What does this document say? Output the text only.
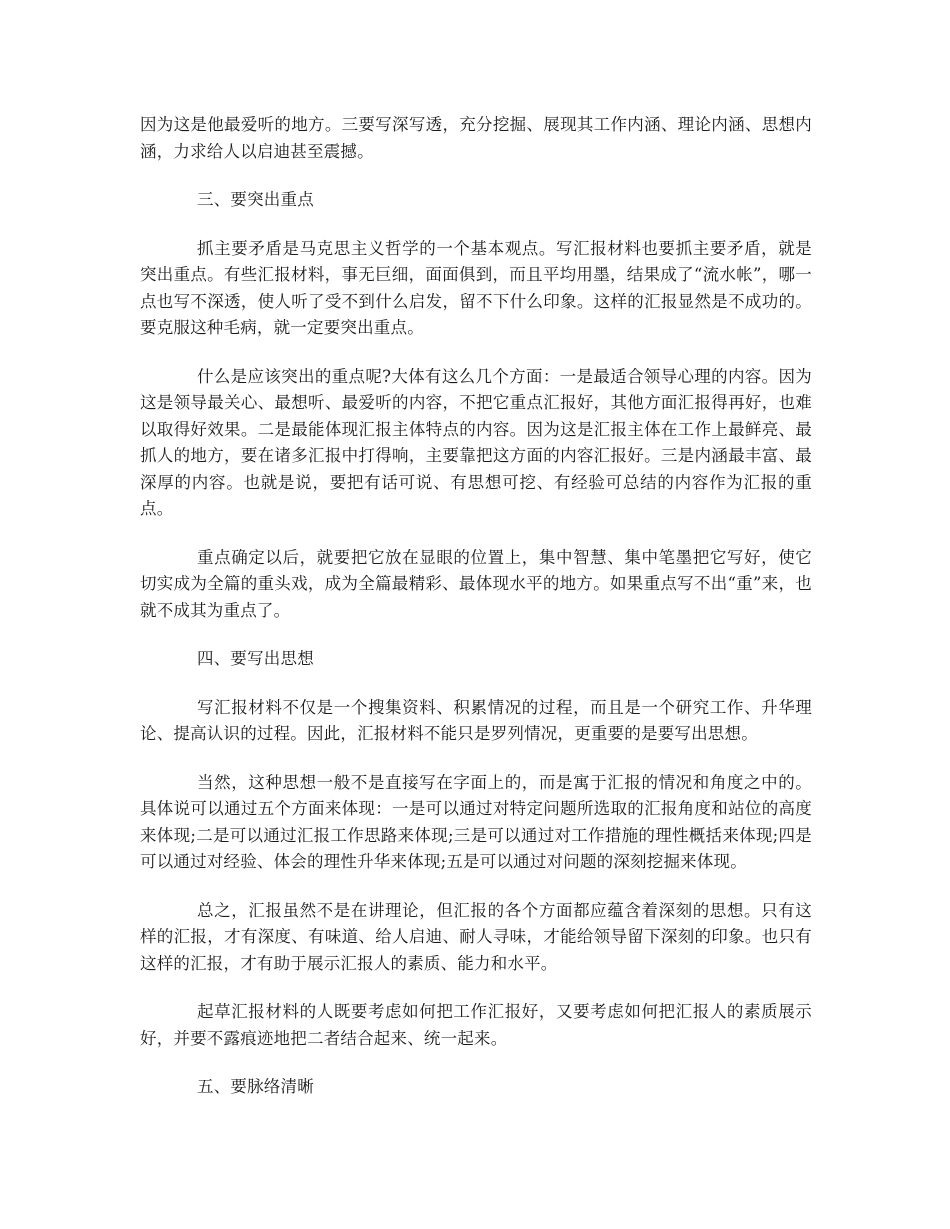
因为这是他最爱听的地方。三要写深写透，充分挖掘、展现其工作内涵、理论内涵、思想内涵，力求给人以启迪甚至震撼。

三、要突出重点

抓主要矛盾是马克思主义哲学的一个基本观点。写汇报材料也要抓主要矛盾，就是突出重点。有些汇报材料，事无巨细，面面俱到，而且平均用墨，结果成了“流水帐”，哪一点也写不深透，使人听了受不到什么启发，留不下什么印象。这样的汇报显然是不成功的。要克服这种毛病，就一定要突出重点。

什么是应该突出的重点呢?大体有这么几个方面：一是最适合领导心理的内容。因为这是领导最关心、最想听、最爱听的内容，不把它重点汇报好，其他方面汇报得再好，也难以取得好效果。二是最能体现汇报主体特点的内容。因为这是汇报主体在工作上最鲜亮、最抓人的地方，要在诸多汇报中打得响，主要靠把这方面的内容汇报好。三是内涵最丰富、最深厚的内容。也就是说，要把有话可说、有思想可挖、有经验可总结的内容作为汇报的重点。

重点确定以后，就要把它放在显眼的位置上，集中智慧、集中笔墨把它写好，使它切实成为全篇的重头戏，成为全篇最精彩、最体现水平的地方。如果重点写不出“重”来，也就不成其为重点了。

四、要写出思想

写汇报材料不仅是一个搜集资料、积累情况的过程，而且是一个研究工作、升华理论、提高认识的过程。因此，汇报材料不能只是罗列情况，更重要的是要写出思想。

当然，这种思想一般不是直接写在字面上的，而是寓于汇报的情况和角度之中的。具体说可以通过五个方面来体现：一是可以通过对特定问题所选取的汇报角度和站位的高度来体现;二是可以通过汇报工作思路来体现;三是可以通过对工作措施的理性概括来体现;四是可以通过对经验、体会的理性升华来体现;五是可以通过对问题的深刻挖掘来体现。

总之，汇报虽然不是在讲理论，但汇报的各个方面都应蕴含着深刻的思想。只有这样的汇报，才有深度、有味道、给人启迪、耐人寻味，才能给领导留下深刻的印象。也只有这样的汇报，才有助于展示汇报人的素质、能力和水平。

起草汇报材料的人既要考虑如何把工作汇报好，又要考虑如何把汇报人的素质展示好，并要不露痕迹地把二者结合起来、统一起来。

五、要脉络清晰
